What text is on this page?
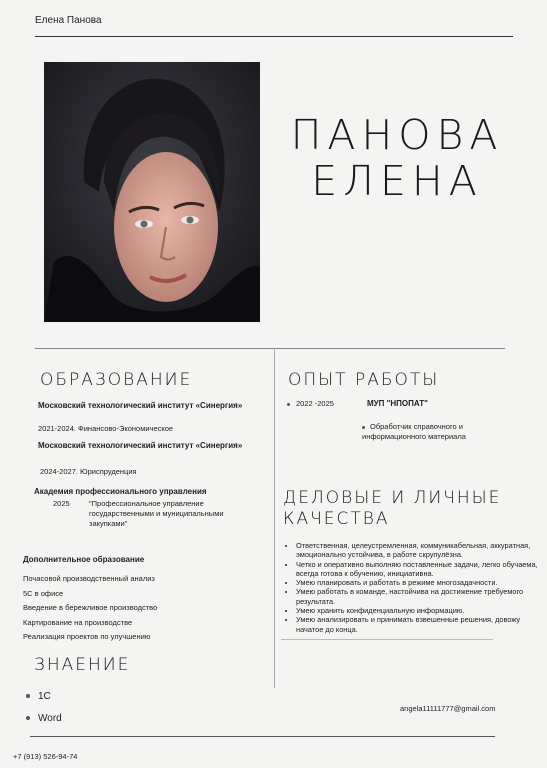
Елена Панова
ПАНОВА
ЕЛЕНА
ОБРАЗОВАНИЕ
Московский технологический институт «Синергия»
2021-2024. Финансово-Экономическое
Московский технологический институт «Синергия»
2024-2027. Юриспруденция
Академия профессионального управления
2025	"Профессиональное управление государственными и муниципальными закупками"
Дополнительное образование
Почасовой производственный анализ
5С в офисе
Введение в бережливое производство
Картирование на производстве
Реализация проектов по улучшению
ЗНАЕНИЕ
1С
Word
ОПЫТ РАБОТЫ
2022 -2025	МУП "НПОПАТ"
Обработчик справочного и информационного материала
ДЕЛОВЫЕ И ЛИЧНЫЕ
КАЧЕСТВА
• Ответственная, целеустремленная, коммуникабельная, аккуратная, эмоционально устойчива, в работе скрупулёзна.
• Четко и оперативно выполняю поставленные задачи, легко обучаема, всегда готова к обучению, инициативна.
• Умею планировать и работать в режиме многозадачности.
• Умею работать в команде, настойчива на достижение требуемого результата.
• Умею хранить конфиденциальную информацию.
• Умею анализировать и принимать взвешенные решения, довожу начатое до конца.
angela11111777@gmail.com
+7 (913) 526-94-74
